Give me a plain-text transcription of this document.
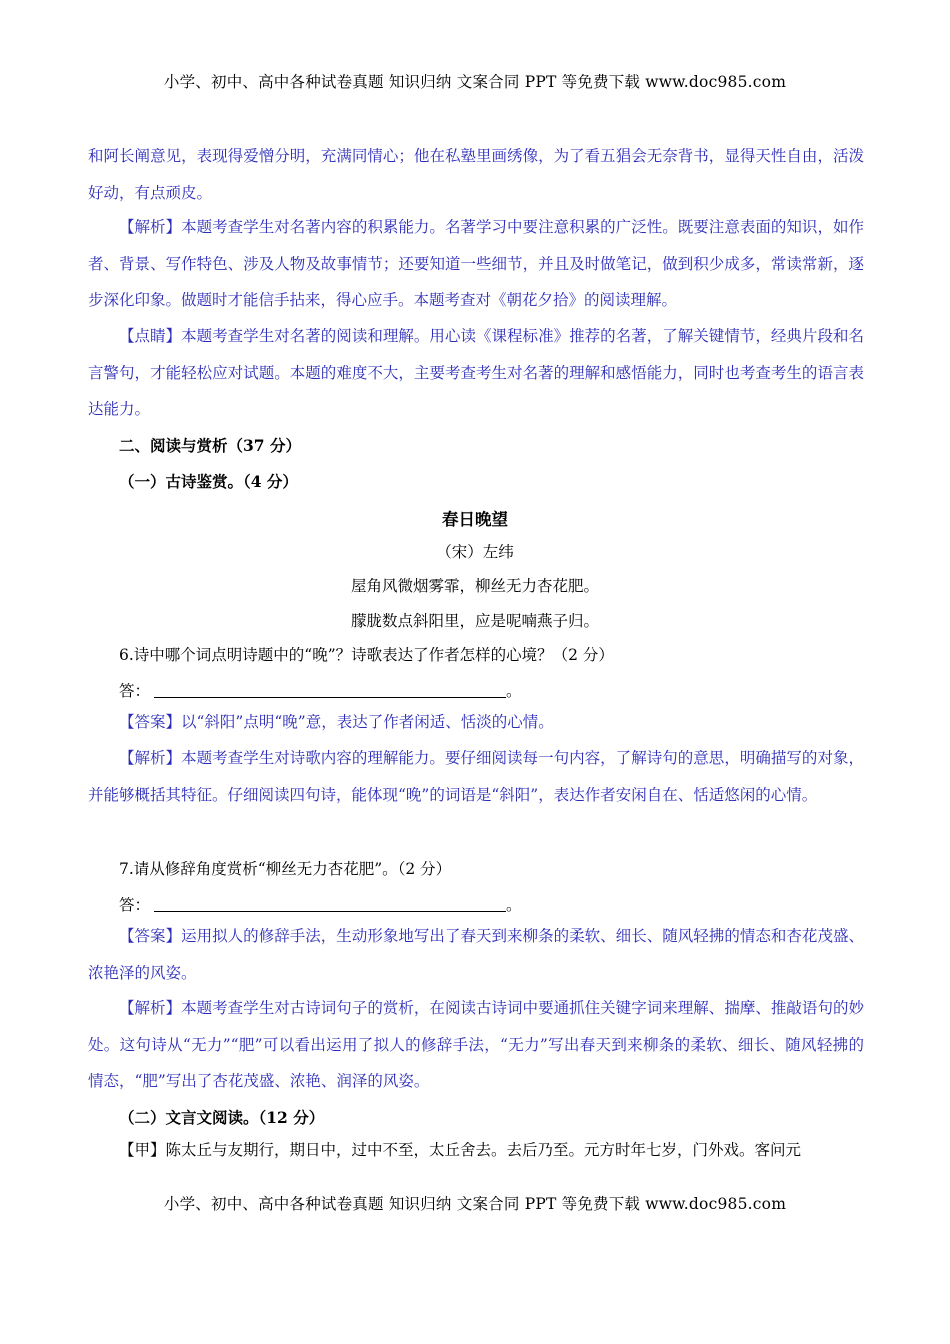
小学、初中、高中各种试卷真题 知识归纳 文案合同 PPT 等免费下载 www.doc985.com

和阿长阐意见，表现得爱憎分明，充满同情心；他在私塾里画绣像，为了看五猖会无奈背书，显得天性自由，活泼好动，有点顽皮。

【解析】本题考查学生对名著内容的积累能力。名著学习中要注意积累的广泛性。既要注意表面的知识，如作者、背景、写作特色、涉及人物及故事情节；还要知道一些细节，并且及时做笔记，做到积少成多，常读常新，逐步深化印象。做题时才能信手拈来，得心应手。本题考查对《朝花夕拾》的阅读理解。

【点睛】本题考查学生对名著的阅读和理解。用心读《课程标准》推荐的名著，了解关键情节，经典片段和名言警句，才能轻松应对试题。本题的难度不大，主要考查考生对名著的理解和感悟能力，同时也考查考生的语言表达能力。

二、阅读与赏析（37 分）

（一）古诗鉴赏。（4 分）

春日晚望

（宋）左纬

屋角风微烟雾霏，柳丝无力杏花肥。

朦胧数点斜阳里，应是呢喃燕子归。

6.诗中哪个词点明诗题中的“晚”？诗歌表达了作者怎样的心境？（2 分）

答：	。

【答案】以“斜阳”点明“晚”意，表达了作者闲适、恬淡的心情。

【解析】本题考查学生对诗歌内容的理解能力。要仔细阅读每一句内容，了解诗句的意思，明确描写的对象，并能够概括其特征。仔细阅读四句诗，能体现“晚”的词语是“斜阳”，表达作者安闲自在、恬适悠闲的心情。

7.请从修辞角度赏析“柳丝无力杏花肥”。（2 分）

答：	。

【答案】运用拟人的修辞手法，生动形象地写出了春天到来柳条的柔软、细长、随风轻拂的情态和杏花茂盛、浓艳泽的风姿。

【解析】本题考查学生对古诗词句子的赏析，在阅读古诗词中要通抓住关键字词来理解、揣摩、推敲语句的妙处。这句诗从“无力”“肥”可以看出运用了拟人的修辞手法，“无力”写出春天到来柳条的柔软、细长、随风轻拂的情态，“肥”写出了杏花茂盛、浓艳、润泽的风姿。

（二）文言文阅读。（12 分）

【甲】陈太丘与友期行，期日中，过中不至，太丘舍去。去后乃至。元方时年七岁，门外戏。客问元

小学、初中、高中各种试卷真题 知识归纳 文案合同 PPT 等免费下载 www.doc985.com
